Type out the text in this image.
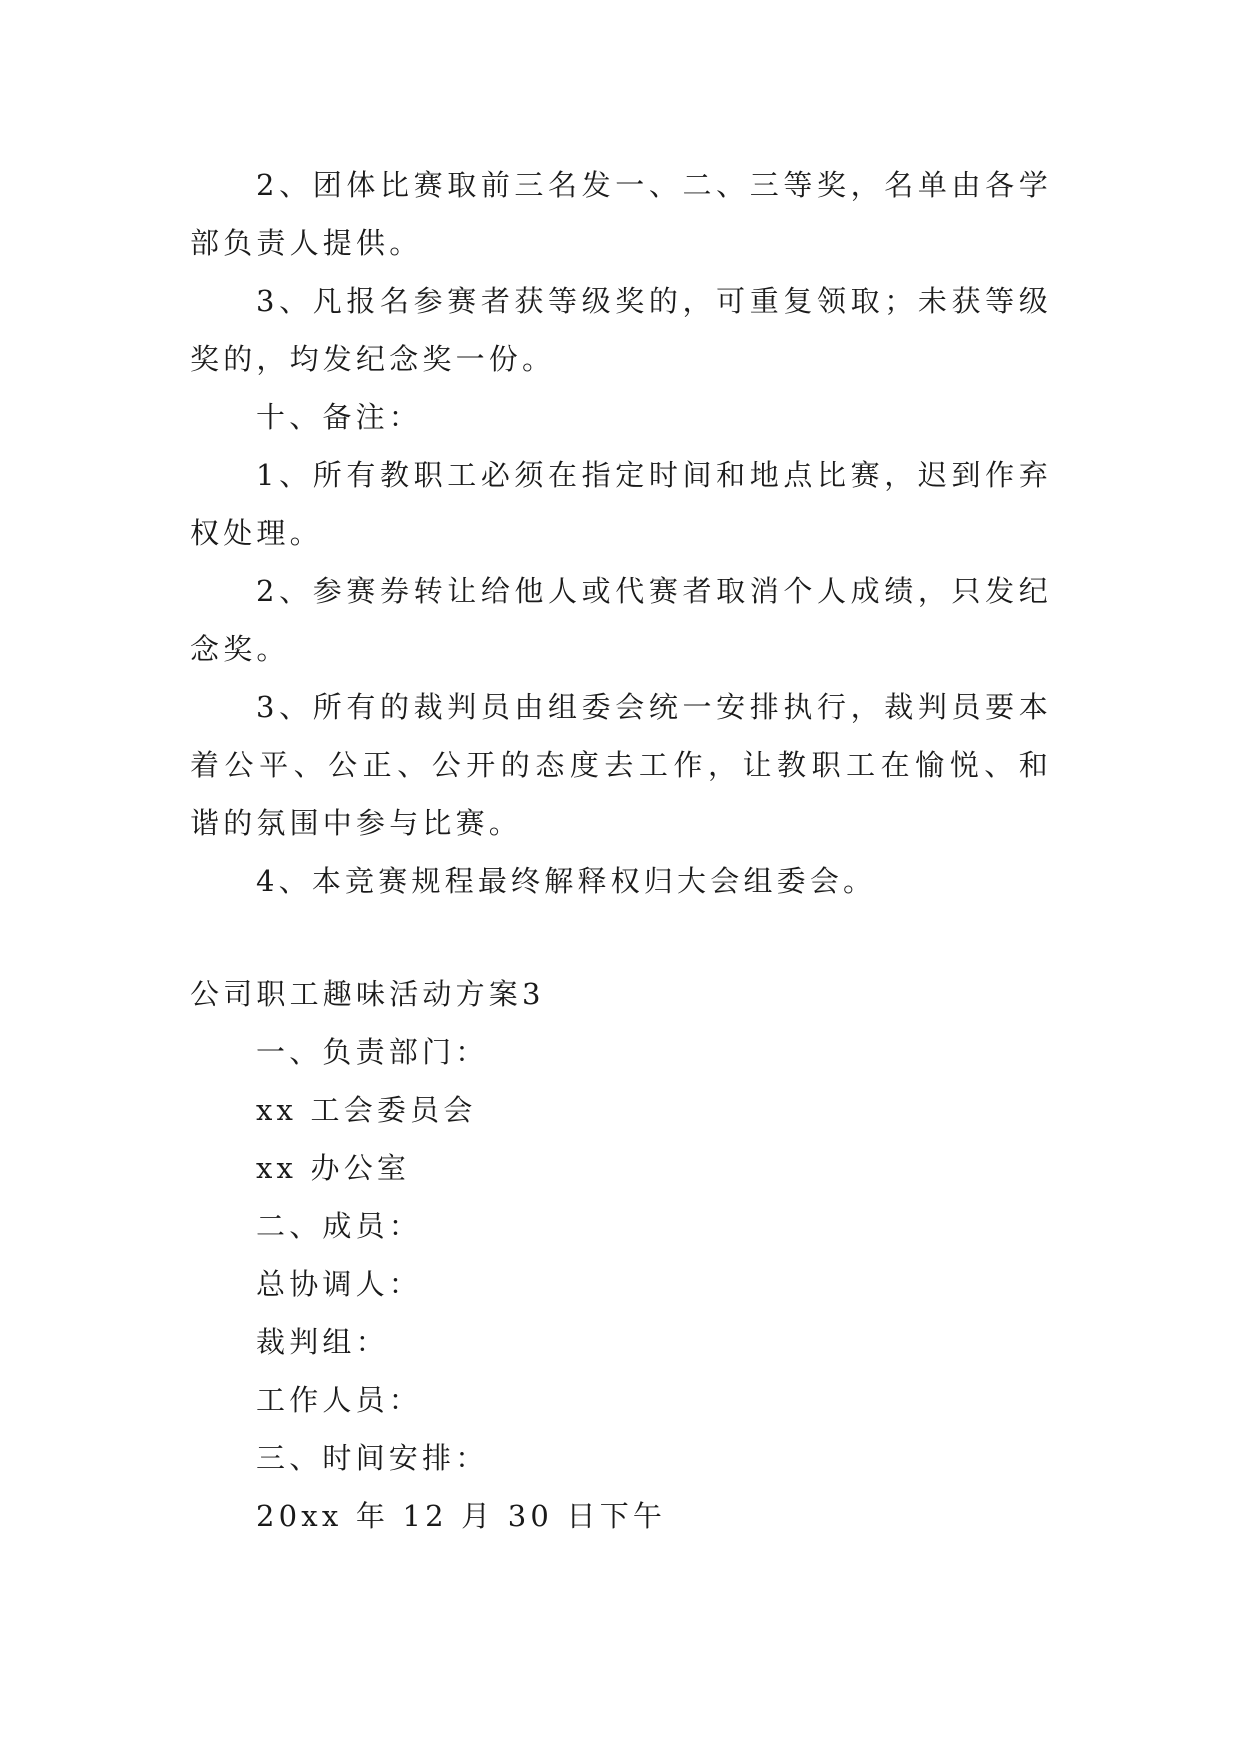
2、团体比赛取前三名发一、二、三等奖，名单由各学部负责人提供。

3、凡报名参赛者获等级奖的，可重复领取；未获等级奖的，均发纪念奖一份。

十、备注：

1、所有教职工必须在指定时间和地点比赛，迟到作弃权处理。

2、参赛券转让给他人或代赛者取消个人成绩，只发纪念奖。

3、所有的裁判员由组委会统一安排执行，裁判员要本着公平、公正、公开的态度去工作，让教职工在愉悦、和谐的氛围中参与比赛。

4、本竞赛规程最终解释权归大会组委会。

公司职工趣味活动方案3

一、负责部门：

xx 工会委员会

xx 办公室

二、成员：

总协调人：

裁判组：

工作人员：

三、时间安排：

20xx 年 12 月 30 日下午
